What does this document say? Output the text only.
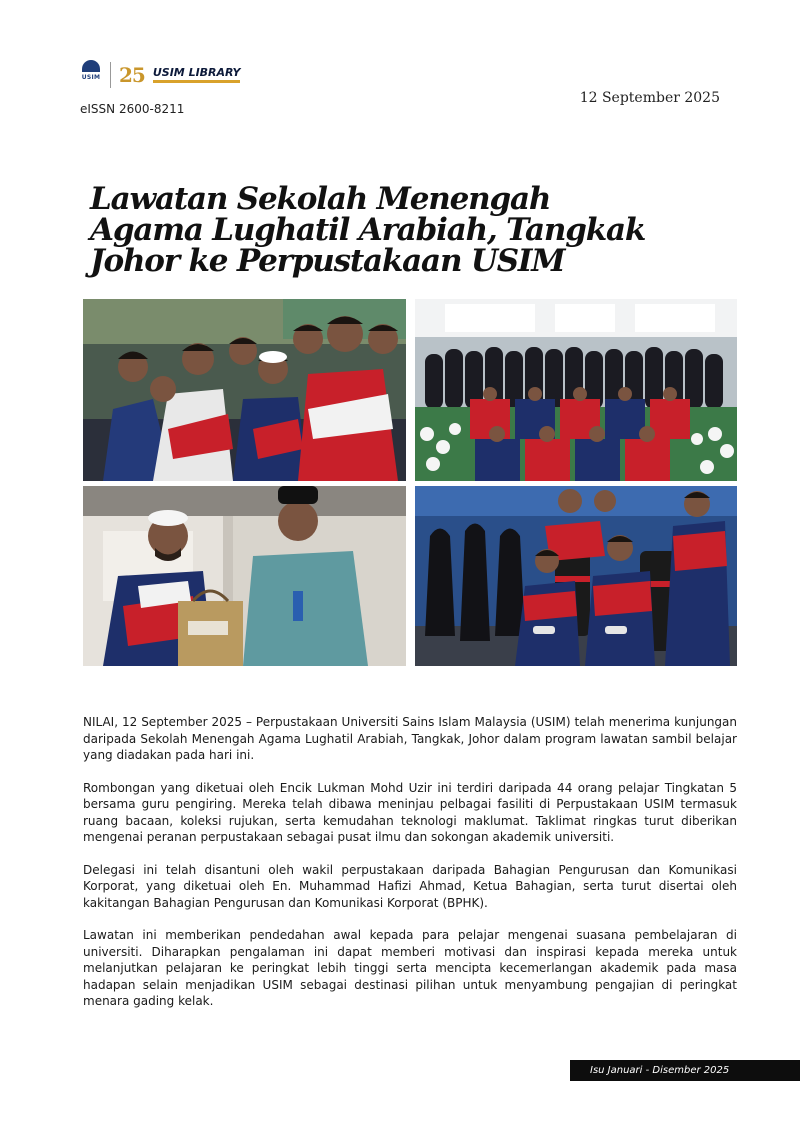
USIM 25 USIM LIBRARY
eISSN 2600-8211
12 September 2025
Lawatan Sekolah Menengah Agama Lughatil Arabiah, Tangkak Johor ke Perpustakaan USIM

NILAI, 12 September 2025 – Perpustakaan Universiti Sains Islam Malaysia (USIM) telah menerima kunjungan daripada Sekolah Menengah Agama Lughatil Arabiah, Tangkak, Johor dalam program lawatan sambil belajar yang diadakan pada hari ini.

Rombongan yang diketuai oleh Encik Lukman Mohd Uzir ini terdiri daripada 44 orang pelajar Tingkatan 5 bersama guru pengiring. Mereka telah dibawa meninjau pelbagai fasiliti di Perpustakaan USIM termasuk ruang bacaan, koleksi rujukan, serta kemudahan teknologi maklumat. Taklimat ringkas turut diberikan mengenai peranan perpustakaan sebagai pusat ilmu dan sokongan akademik universiti.

Delegasi ini telah disantuni oleh wakil perpustakaan daripada Bahagian Pengurusan dan Komunikasi Korporat, yang diketuai oleh En. Muhammad Hafizi Ahmad, Ketua Bahagian, serta turut disertai oleh kakitangan Bahagian Pengurusan dan Komunikasi Korporat (BPHK).

Lawatan ini memberikan pendedahan awal kepada para pelajar mengenai suasana pembelajaran di universiti. Diharapkan pengalaman ini dapat memberi motivasi dan inspirasi kepada mereka untuk melanjutkan pelajaran ke peringkat lebih tinggi serta mencipta kecemerlangan akademik pada masa hadapan selain menjadikan USIM sebagai destinasi pilihan untuk menyambung pengajian di peringkat menara gading kelak.

Isu Januari - Disember 2025
